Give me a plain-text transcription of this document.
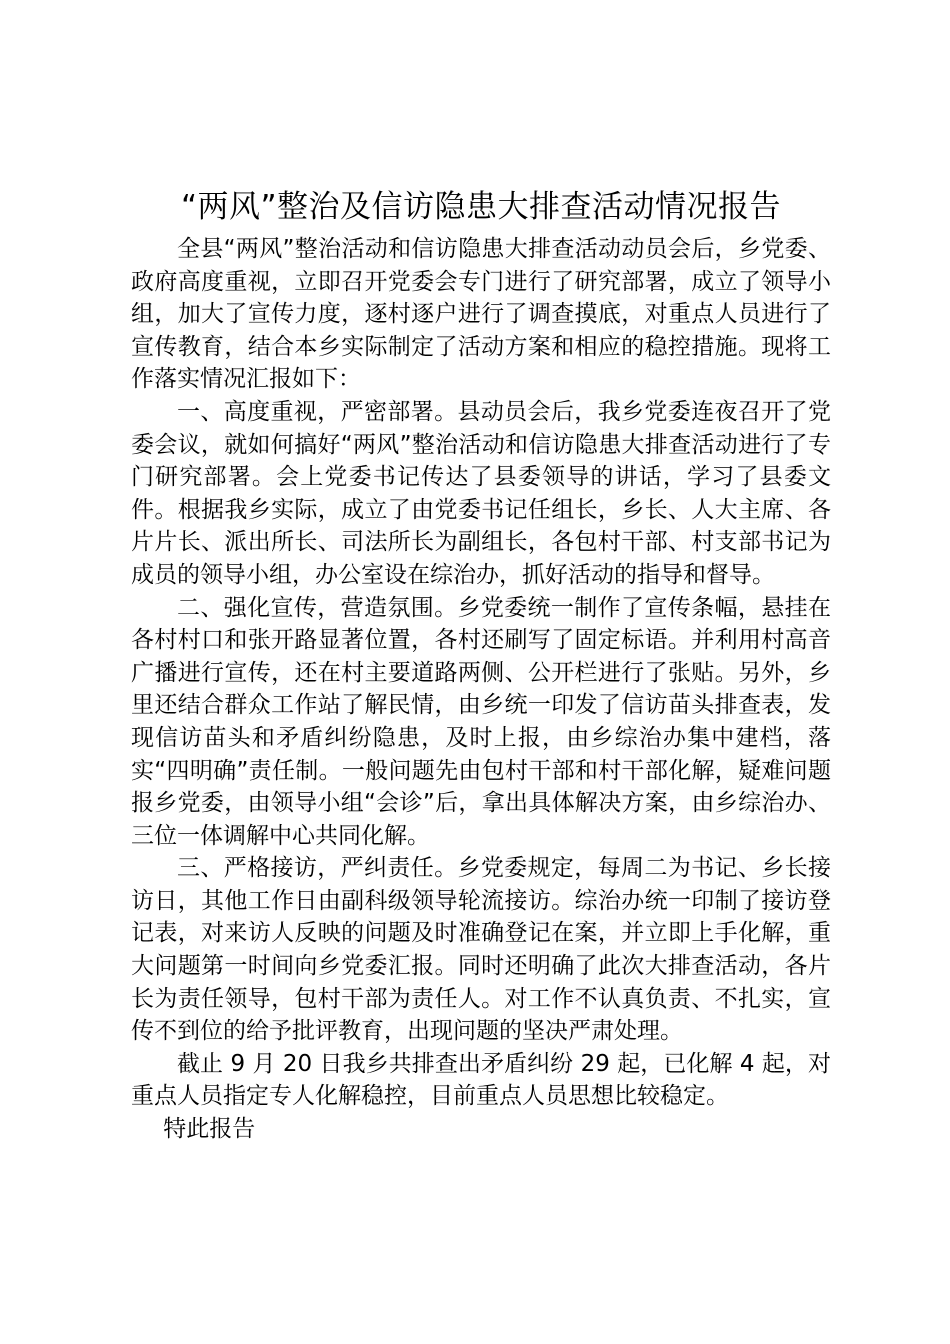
“两风”整治及信访隐患大排查活动情况报告

全县“两风”整治活动和信访隐患大排查活动动员会后，乡党委、政府高度重视，立即召开党委会专门进行了研究部署，成立了领导小组，加大了宣传力度，逐村逐户进行了调查摸底，对重点人员进行了宣传教育，结合本乡实际制定了活动方案和相应的稳控措施。现将工作落实情况汇报如下：

一、高度重视，严密部署。县动员会后，我乡党委连夜召开了党委会议，就如何搞好“两风”整治活动和信访隐患大排查活动进行了专门研究部署。会上党委书记传达了县委领导的讲话，学习了县委文件。根据我乡实际，成立了由党委书记任组长，乡长、人大主席、各片片长、派出所长、司法所长为副组长，各包村干部、村支部书记为成员的领导小组，办公室设在综治办，抓好活动的指导和督导。

二、强化宣传，营造氛围。乡党委统一制作了宣传条幅，悬挂在各村村口和张开路显著位置，各村还刷写了固定标语。并利用村高音广播进行宣传，还在村主要道路两侧、公开栏进行了张贴。另外，乡里还结合群众工作站了解民情，由乡统一印发了信访苗头排查表，发现信访苗头和矛盾纠纷隐患，及时上报，由乡综治办集中建档，落实“四明确”责任制。一般问题先由包村干部和村干部化解，疑难问题报乡党委，由领导小组“会诊”后，拿出具体解决方案，由乡综治办、三位一体调解中心共同化解。

三、严格接访，严纠责任。乡党委规定，每周二为书记、乡长接访日，其他工作日由副科级领导轮流接访。综治办统一印制了接访登记表，对来访人反映的问题及时准确登记在案，并立即上手化解，重大问题第一时间向乡党委汇报。同时还明确了此次大排查活动，各片长为责任领导，包村干部为责任人。对工作不认真负责、不扎实，宣传不到位的给予批评教育，出现问题的坚决严肃处理。

截止 9 月 20 日我乡共排查出矛盾纠纷 29 起，已化解 4 起，对重点人员指定专人化解稳控，目前重点人员思想比较稳定。

特此报告
